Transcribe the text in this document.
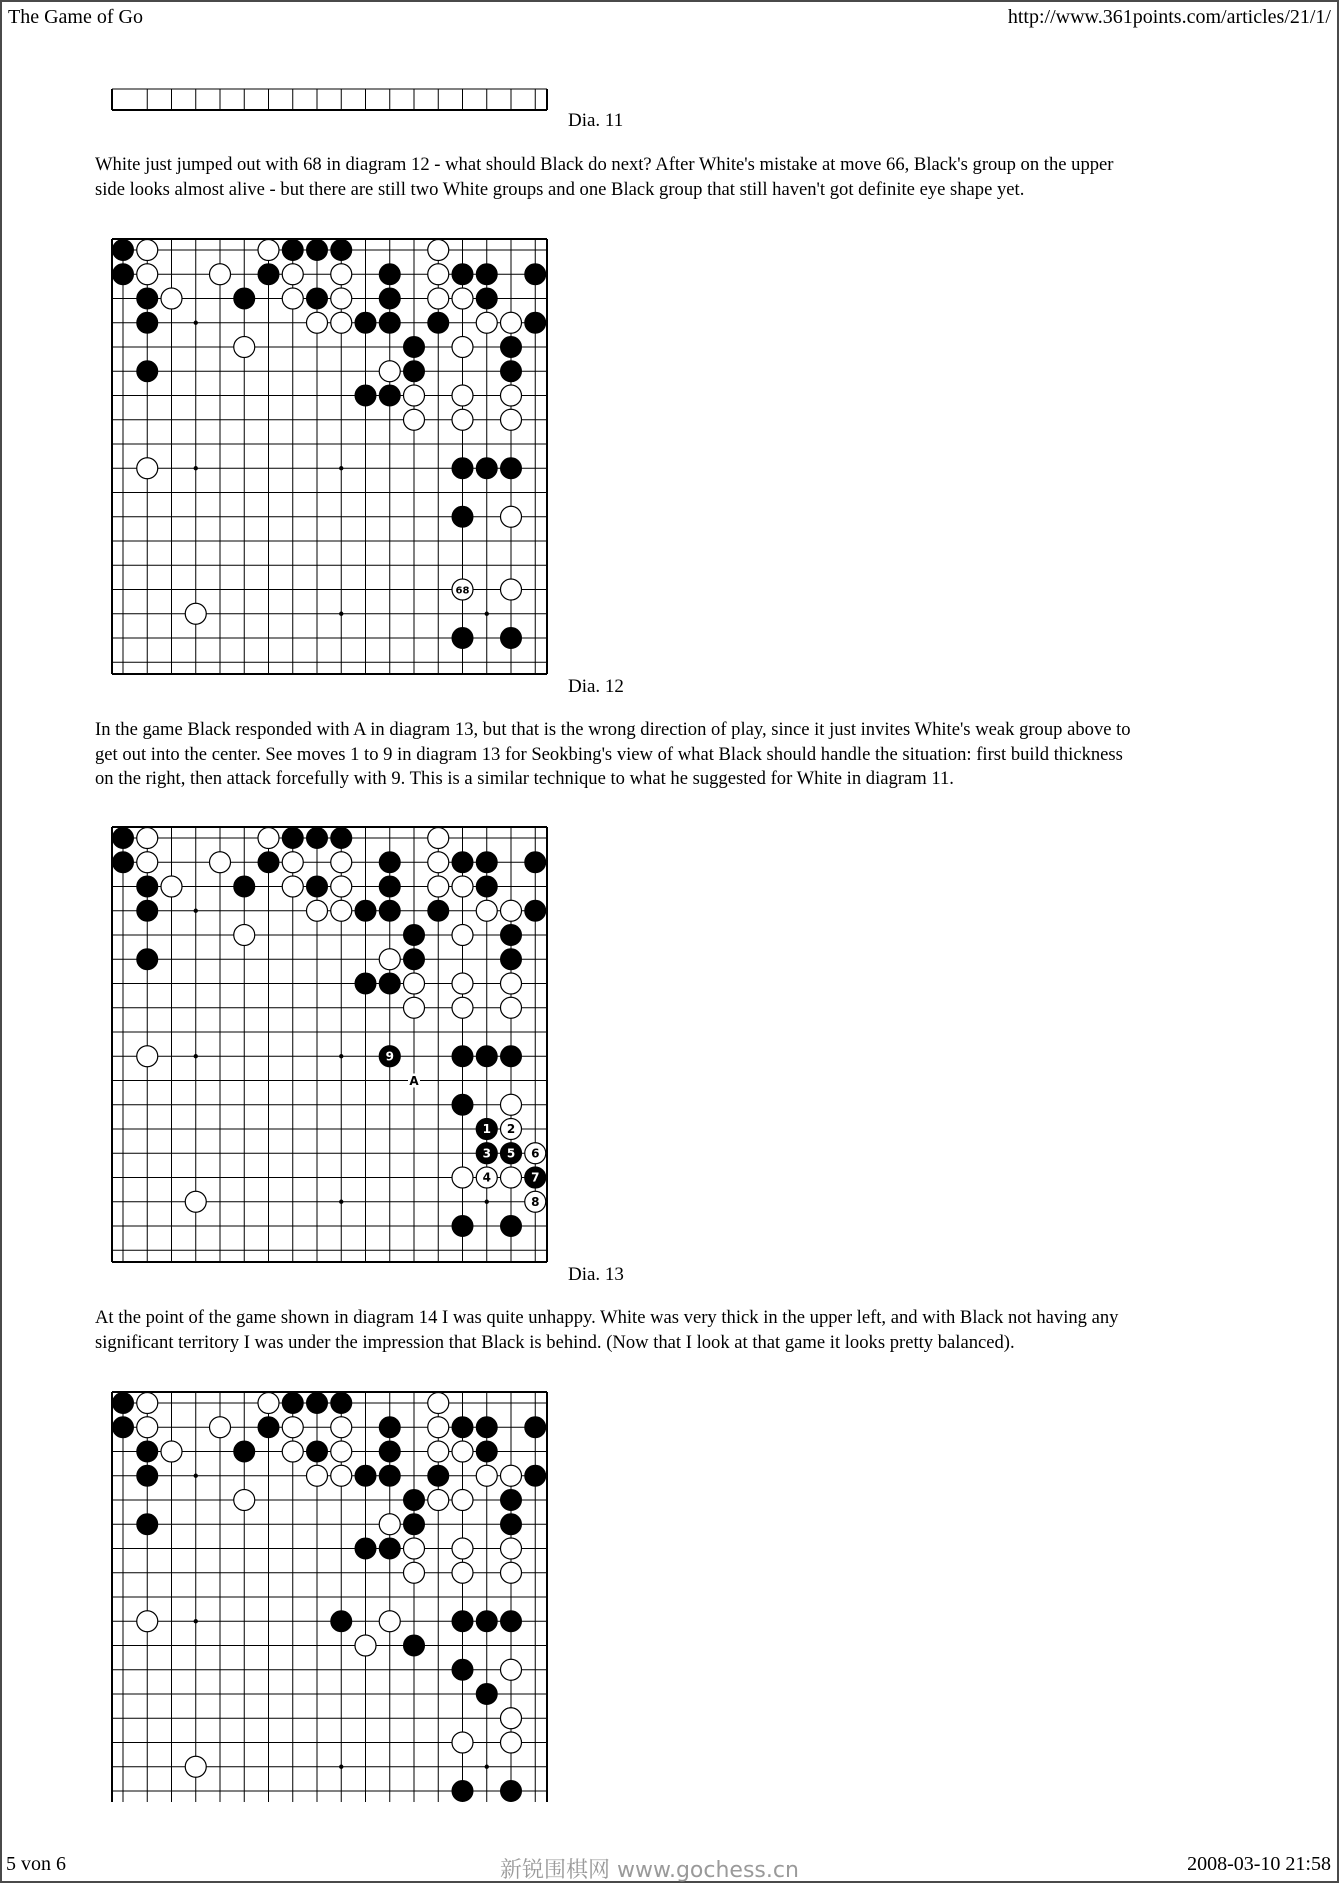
The Game of Go	http://www.361points.com/articles/21/1/
Dia. 11

White just jumped out with 68 in diagram 12 - what should Black do next? After White's mistake at move 66, Black's group on the upper
side looks almost alive - but there are still two White groups and one Black group that still haven't got definite eye shape yet.

68
Dia. 12

In the game Black responded with A in diagram 13, but that is the wrong direction of play, since it just invites White's weak group above to
get out into the center. See moves 1 to 9 in diagram 13 for Seokbing's view of what Black should handle the situation: first build thickness
on the right, then attack forcefully with 9. This is a similar technique to what he suggested for White in diagram 11.

1 2
3
4
5 6
7
8
9
A
Dia. 13

At the point of the game shown in diagram 14 I was quite unhappy. White was very thick in the upper left, and with Black not having any
significant territory I was under the impression that Black is behind. (Now that I look at that game it looks pretty balanced).

5 von 6	新锐围棋网 www.gochess.cn	2008-03-10 21:58
